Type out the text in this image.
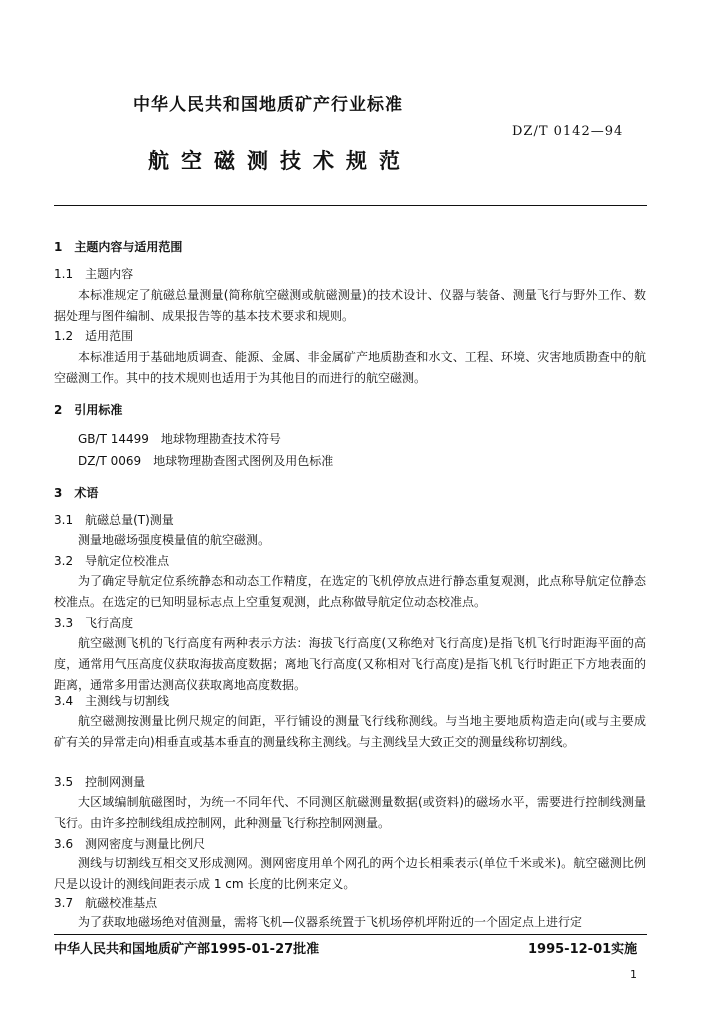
中华人民共和国地质矿产行业标准
DZ/T 0142—94
航空磁测技术规范
1　主题内容与适用范围
1.1　主题内容
本标准规定了航磁总量测量(简称航空磁测或航磁测量)的技术设计、仪器与装备、测量飞行与野外工作、数据处理与图件编制、成果报告等的基本技术要求和规则。
1.2　适用范围
本标准适用于基础地质调查、能源、金属、非金属矿产地质勘查和水文、工程、环境、灾害地质勘查中的航空磁测工作。其中的技术规则也适用于为其他目的而进行的航空磁测。
2　引用标准
GB/T 14499　地球物理勘查技术符号
DZ/T 0069　地球物理勘查图式图例及用色标准
3　术语
3.1　航磁总量(T)测量
测量地磁场强度模量值的航空磁测。
3.2　导航定位校准点
为了确定导航定位系统静态和动态工作精度，在选定的飞机停放点进行静态重复观测，此点称导航定位静态校准点。在选定的已知明显标志点上空重复观测，此点称做导航定位动态校准点。
3.3　飞行高度
航空磁测飞机的飞行高度有两种表示方法：海拔飞行高度(又称绝对飞行高度)是指飞机飞行时距海平面的高度，通常用气压高度仪获取海拔高度数据；离地飞行高度(又称相对飞行高度)是指飞机飞行时距正下方地表面的距离，通常多用雷达测高仪获取离地高度数据。
3.4　主测线与切割线
航空磁测按测量比例尺规定的间距，平行铺设的测量飞行线称测线。与当地主要地质构造走向(或与主要成矿有关的异常走向)相垂直或基本垂直的测量线称主测线。与主测线呈大致正交的测量线称切割线。
3.5　控制网测量
大区域编制航磁图时，为统一不同年代、不同测区航磁测量数据(或资料)的磁场水平，需要进行控制线测量飞行。由许多控制线组成控制网，此种测量飞行称控制网测量。
3.6　测网密度与测量比例尺
测线与切割线互相交叉形成测网。测网密度用单个网孔的两个边长相乘表示(单位千米或米)。航空磁测比例尺是以设计的测线间距表示成 1 cm 长度的比例来定义。
3.7　航磁校准基点
为了获取地磁场绝对值测量，需将飞机—仪器系统置于飞机场停机坪附近的一个固定点上进行定
中华人民共和国地质矿产部1995-01-27批准	1995-12-01实施
1
